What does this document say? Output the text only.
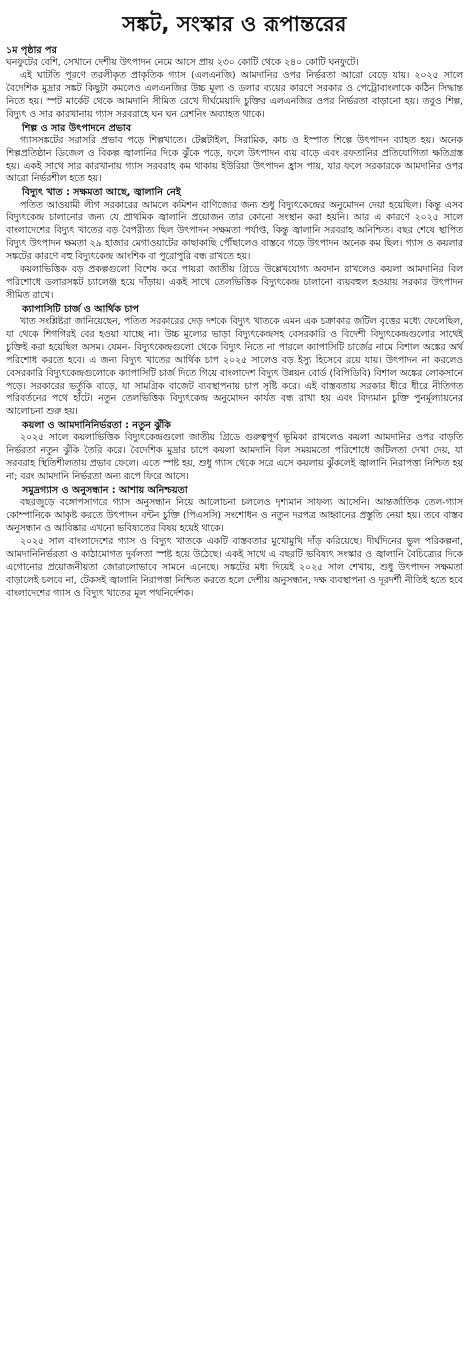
সঙ্কট, সংস্কার ও রূপান্তরের

১ম পৃষ্ঠার পর

ঘনফুটের বেশি, সেখানে দেশীয় উৎপাদন নেমে আসে প্রায় ২৩০ কোটি থেকে ২৪০ কোটি ঘনফুটে।

এই ঘাটতি পূরণে তরলীকৃত প্রাকৃতিক গ্যাস (এলএনজি) আমদানির ওপর নির্ভরতা আরো বেড়ে যায়। ২০২৫ সালে বৈদেশিক মুদ্রার সঙ্কট কিছুটা কমলেও এলএনজির উচ্চ মূল্য ও ডলার ব্যয়ের কারণে সরকার ও পেট্রোবাংলাকে কঠিন সিদ্ধান্ত নিতে হয়। স্পট মার্কেট থেকে আমদানি সীমিত রেখে দীর্ঘমেয়াদি চুক্তির এলএনজির ওপর নির্ভরতা বাড়ানো হয়। তবুও শিল্প, বিদ্যুৎ ও সার কারখানায় গ্যাস সরবরাহে ঘন ঘন রেশনিং অব্যাহত থাকে।

শিল্প ও সার উৎপাদনে প্রভাব

গ্যাসসঙ্কটের সরাসরি প্রভাব পড়ে শিল্পখাতে। টেক্সটাইল, সিরামিক, কাচ ও ইস্পাত শিল্পে উৎপাদন ব্যাহত হয়। অনেক শিল্পপ্রতিষ্ঠান ডিজেল ও বিকল্প জ্বালানির দিকে ঝুঁকে পড়ে, ফলে উৎপাদন ব্যয় বাড়ে এবং রফতানির প্রতিযোগিতা ক্ষতিগ্রস্ত হয়। একই সাথে সার কারখানায় গ্যাস সরবরাহ কম থাকায় ইউরিয়া উৎপাদন হ্রাস পায়, যার ফলে সরকারকে আমদানির ওপর আরো নির্ভরশীল হতে হয়।

বিদ্যুৎ খাত : সক্ষমতা আছে, জ্বালানি নেই

পতিত আওয়ামী লীগ সরকারের আমলে কমিশন বাণিজ্যের জন্য শুধু বিদ্যুৎকেন্দ্রের অনুমোদন দেয়া হয়েছিল। কিন্তু এসব বিদ্যুৎকেন্দ্র চালানোর জন্য যে প্রাথমিক জ্বালানি প্রয়োজন তার কোনো সংস্থান করা হয়নি। আর এ কারণে ২০২৫ সালে বাংলাদেশের বিদ্যুৎ খাতের বড় বৈপরীত্য ছিল উৎপাদন সক্ষমতা পর্যাপ্ত, কিন্তু জ্বালানি সরবরাহ অনিশ্চিত। বছর শেষে স্থাপিত বিদ্যুৎ উৎপাদন ক্ষমতা ২৯ হাজার মেগাওয়াটের কাছাকাছি পৌঁছালেও বাস্তবে গড়ে উৎপাদন অনেক কম ছিল। গ্যাস ও কয়লার সঙ্কটের কারণে বহু বিদ্যুৎকেন্দ্র আংশিক বা পুরোপুরি বন্ধ রাখতে হয়।

কয়লাভিত্তিক বড় প্রকল্পগুলো বিশেষ করে পায়রা জাতীয় গ্রিডে উল্লেখযোগ্য অবদান রাখলেও কয়লা আমদানির বিল পরিশোধে ডলারসঙ্কট চ্যালেঞ্জ হয়ে দাঁড়ায়। একই সাথে তেলভিত্তিক বিদ্যুৎকেন্দ্র চালানো ব্যয়বহুল হওয়ায় সরকার উৎপাদন সীমিত রাখে।

ক্যাপাসিটি চার্জ ও আর্থিক চাপ

খাত সংশ্লিষ্টরা জানিয়েছেন, পতিত সরকারের দেড় দশকে বিদ্যুৎ খাতকে এমন এক চক্রাকার জটিল বৃত্তের মধ্যে ফেলেছিল, যা থেকে শিগগিরই বের হওয়া যাচ্ছে না। উচ্চ মূল্যের ভাড়া বিদ্যুৎকেন্দ্রসহ বেসরকারি ও বিদেশী বিদ্যুৎকেন্দ্রগুলোর সাথেই চুক্তিই করা হয়েছিল অসম। যেমন- বিদ্যুৎকেন্দ্রগুলো থেকে বিদ্যুৎ নিতে না পারলে ক্যাপাসিটি চার্জের নামে বিশাল অঙ্কের অর্থ পরিশোধ করতে হবে। এ জন্য বিদ্যুৎ খাতের আর্থিক চাপ ২০২৫ সালেও বড় ইস্যু হিসেবে রয়ে যায়। উৎপাদন না করলেও বেসরকারি বিদ্যুৎকেন্দ্রগুলোকে ক্যাপাসিটি চার্জ দিতে গিয়ে বাংলাদেশ বিদ্যুৎ উন্নয়ন বোর্ড (বিপিডিবি) বিশাল অঙ্কের লোকসানে পড়ে। সরকারের ভর্তুকি বাড়ে, যা সামগ্রিক বাজেট ব্যবস্থাপনায় চাপ সৃষ্টি করে। এই বাস্তবতায় সরকার ধীরে ধীরে নীতিগত পরিবর্তনের পথে হাঁটে। নতুন তেলভিত্তিক বিদ্যুৎকেন্দ্র অনুমোদন কার্যত বন্ধ রাখা হয় এবং বিদ্যমান চুক্তি পুনর্মূল্যায়নের আলোচনা শুরু হয়।

কয়লা ও আমদানিনির্ভরতা : নতুন ঝুঁকি

২০২৫ সালে কয়লাভিত্তিক বিদ্যুৎকেন্দ্রগুলো জাতীয় গ্রিডে গুরুত্বপূর্ণ ভূমিকা রাখলেও কয়লা আমদানির ওপর বাড়তি নির্ভরতা নতুন ঝুঁকি তৈরি করে। বৈদেশিক মুদ্রার চাপে কয়লা আমদানি বিল সময়মতো পরিশোধে জটিলতা দেখা দেয়, যা সরবরাহ স্থিতিশীলতায় প্রভাব ফেলে। এতে স্পষ্ট হয়, শুধু গ্যাস থেকে সরে এসে কয়লায় ঝুঁকলেই জ্বালানি নিরাপত্তা নিশ্চিত হয় না; বরং আমদানি নির্ভরতা অন্য রূপে ফিরে আসে।

সমুদ্রগ্যাস ও অনুসন্ধান : আশায় অনিশ্চয়তা

বছরজুড়ে বঙ্গোপসাগরে গ্যাস অনুসন্ধান নিয়ে আলোচনা চললেও দৃশ্যমান সাফল্য আসেনি। আন্তর্জাতিক তেল-গ্যাস কোম্পানিকে আকৃষ্ট করতে উৎপাদন বন্টন চুক্তি (পিএসসি) সংশোধন ও নতুন দরপত্র আহ্বানের প্রস্তুতি নেয়া হয়। তবে বাস্তব অনুসন্ধান ও আবিষ্কার এখনো ভবিষ্যতের বিষয় হয়েই থাকে।

২০২৫ সাল বাংলাদেশের গ্যাস ও বিদ্যুৎ খাতকে একটি বাস্তবতার মুখোমুখি দাঁড় করিয়েছে। দীর্ঘদিনের ভুল পরিকল্পনা, আমদানিনির্ভরতা ও কাঠামোগত দুর্বলতা স্পষ্ট হয়ে উঠেছে। একই সাথে এ বছরটি ভবিষ্যৎ সংস্কার ও জ্বালানি বৈচিত্র্যের দিকে এগোনোর প্রয়োজনীয়তা জোরালোভাবে সামনে এনেছে। সঙ্কটের মধ্য দিয়েই ২০২৫ সাল শেখায়, শুধু উৎপাদন সক্ষমতা বাড়ালেই চলবে না, টেকসই জ্বালানি নিরাপত্তা নিশ্চিত করতে হলে দেশীয় অনুসন্ধান, দক্ষ ব্যবস্থাপনা ও দূরদর্শী নীতিই হতে হবে বাংলাদেশের গ্যাস ও বিদ্যুৎ খাতের মূল পথনির্দেশক।
